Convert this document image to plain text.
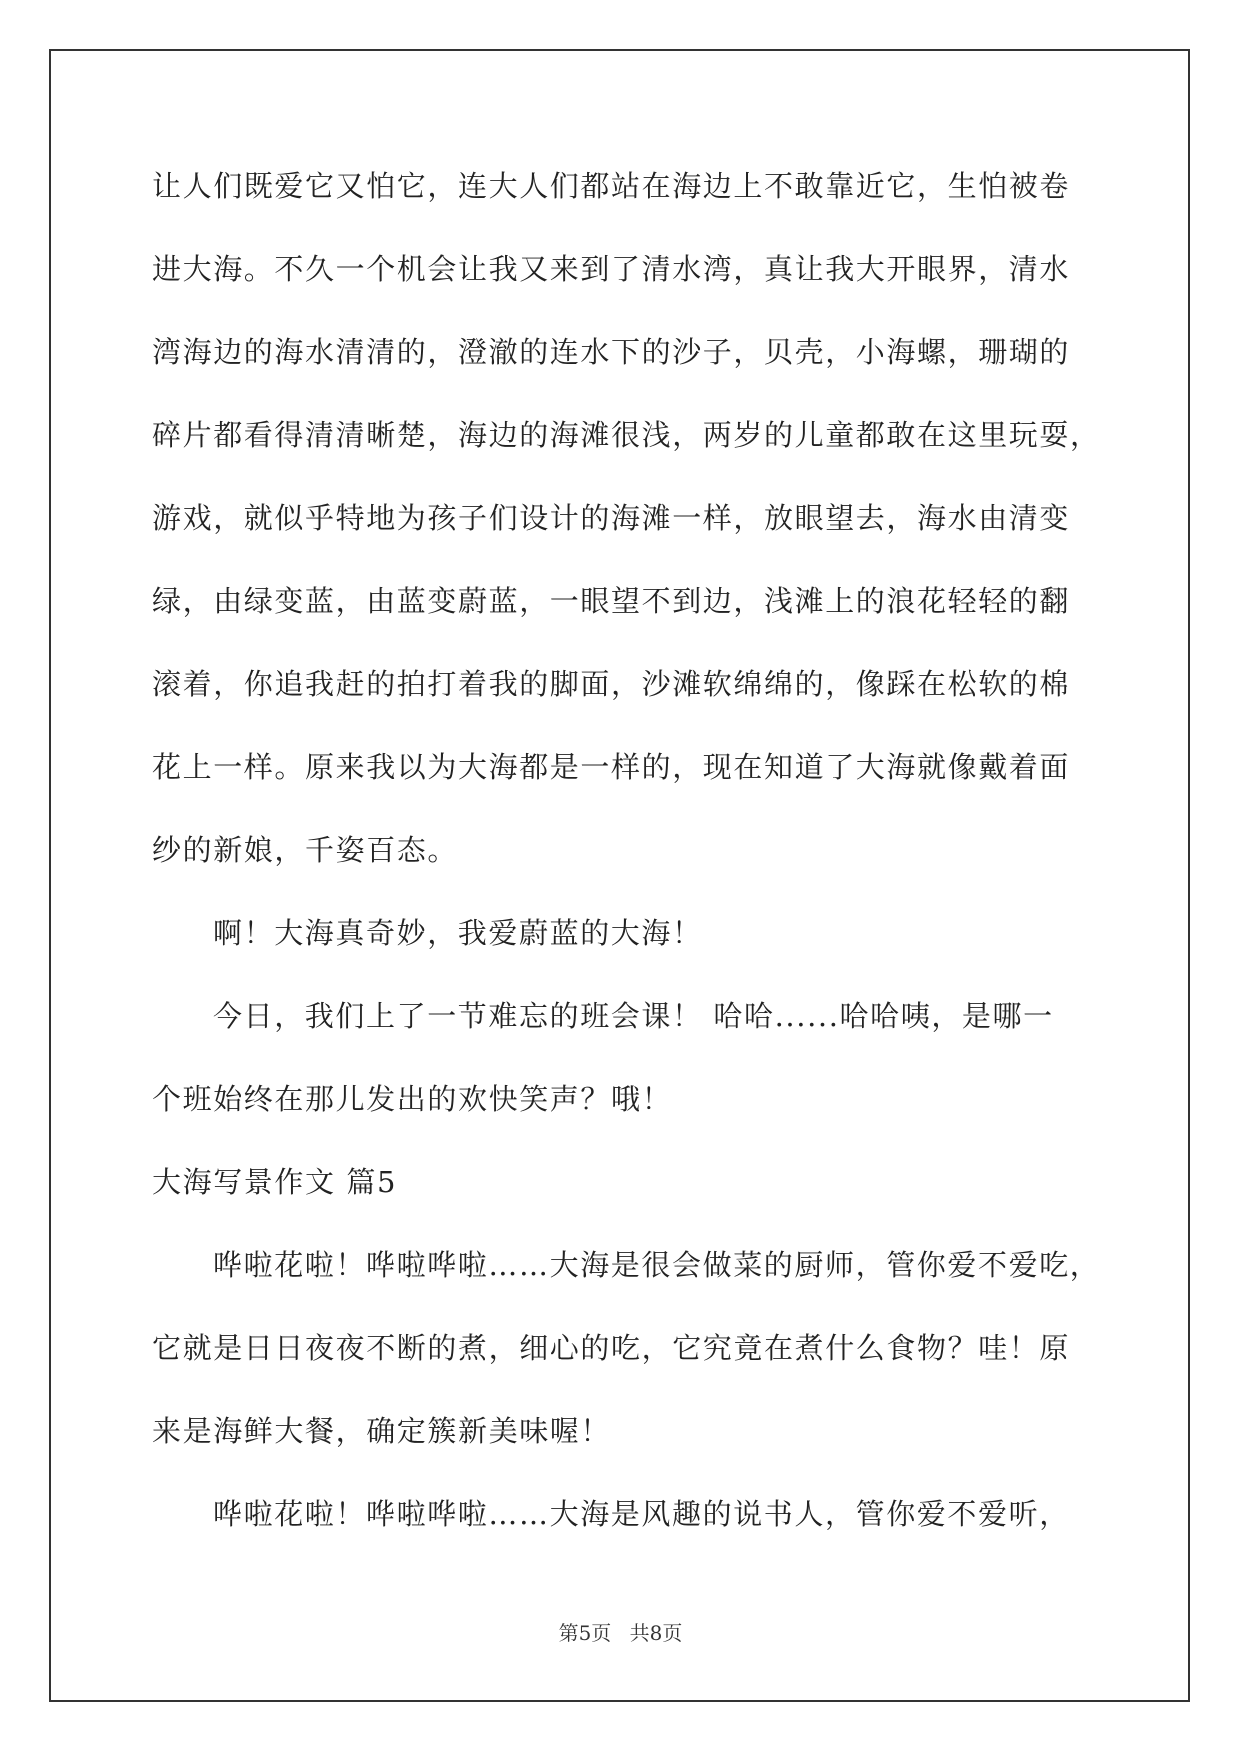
让人们既爱它又怕它，连大人们都站在海边上不敢靠近它，生怕被卷
进大海。不久一个机会让我又来到了清水湾，真让我大开眼界，清水
湾海边的海水清清的，澄澈的连水下的沙子，贝壳，小海螺，珊瑚的
碎片都看得清清晰楚，海边的海滩很浅，两岁的儿童都敢在这里玩耍，
游戏，就似乎特地为孩子们设计的海滩一样，放眼望去，海水由清变
绿，由绿变蓝，由蓝变蔚蓝，一眼望不到边，浅滩上的浪花轻轻的翻
滚着，你追我赶的拍打着我的脚面，沙滩软绵绵的，像踩在松软的棉
花上一样。原来我以为大海都是一样的，现在知道了大海就像戴着面
纱的新娘，千姿百态。
啊！大海真奇妙，我爱蔚蓝的大海！
今日，我们上了一节难忘的班会课！ 哈哈......哈哈咦，是哪一
个班始终在那儿发出的欢快笑声？哦！
大海写景作文 篇5
哗啦花啦！哗啦哗啦……大海是很会做菜的厨师，管你爱不爱吃，
它就是日日夜夜不断的煮，细心的吃，它究竟在煮什么食物？哇！原
来是海鲜大餐，确定簇新美味喔！
哗啦花啦！哗啦哗啦……大海是风趣的说书人，管你爱不爱听，
第5页 共8页
